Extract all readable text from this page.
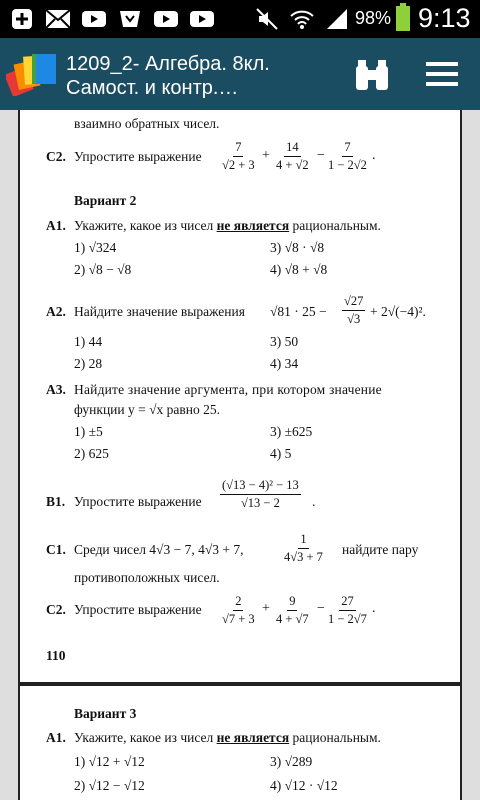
98% 9:13
1209_2- Алгебра. 8кл.
Самост. и контр.…
взаимно обратных чисел.
С2. Упростите выражение $\frac{7}{√2 + 3} + \frac{14}{4 + √2} - \frac{7}{1 - 2√2}$ .
Вариант 2
А1. Укажите, какое из чисел не является рациональным.
1) √324	3) √8 · √8
2) √8 − √8	4) √8 + √8
А2. Найдите значение выражения $√81 \cdot 25 - \frac{√27}{√3} + 2√(-4)^2$.
1) 44	3) 50
2) 28	4) 34
А3. Найдите значение аргумента, при котором значение
функции y = √x равно 25.
1) ±5	3) ±625
2) 625	4) 5
В1. Упростите выражение $\frac{\text{(√13 − 4)² − 13}}{√13 - 2}$ .
С1. Среди чисел 4√3 − 7, 4√3 + 7,	$\frac{1}{4√3 + 7}$ найдите пару
противоположных чисел.
С2. Упростите выражение $\frac{2}{√7 + 3} + \frac{9}{4 + √7} - \frac{27}{1 - 2√7}$ .
110
Вариант 3
А1. Укажите, какое из чисел не является рациональным.
1) √12 + √12	3) √289
2) √12 − √12	4) √12 · √12
